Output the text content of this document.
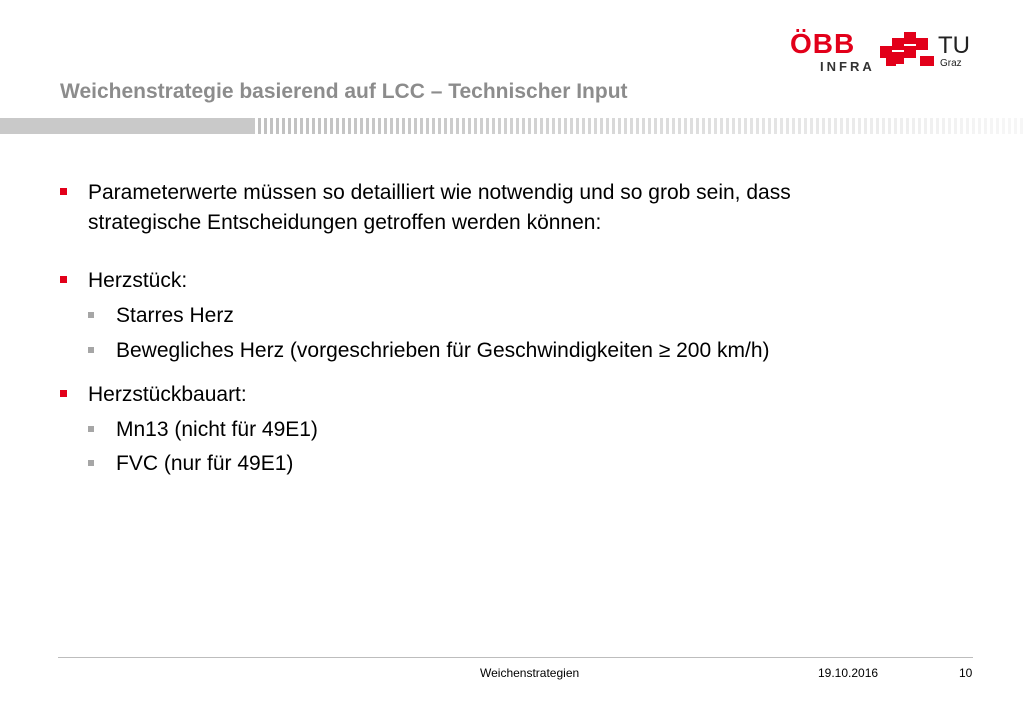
ÖBB
INFRA
TU
Graz
Weichenstrategie basierend auf LCC – Technischer Input
Parameterwerte müssen so detailliert wie notwendig und so grob sein, dass
strategische Entscheidungen getroffen werden können:
Herzstück:
Starres Herz
Bewegliches Herz (vorgeschrieben für Geschwindigkeiten ≥ 200 km/h)
Herzstückbauart:
Mn13 (nicht für 49E1)
FVC (nur für 49E1)
Weichenstrategien	19.10.2016	10
